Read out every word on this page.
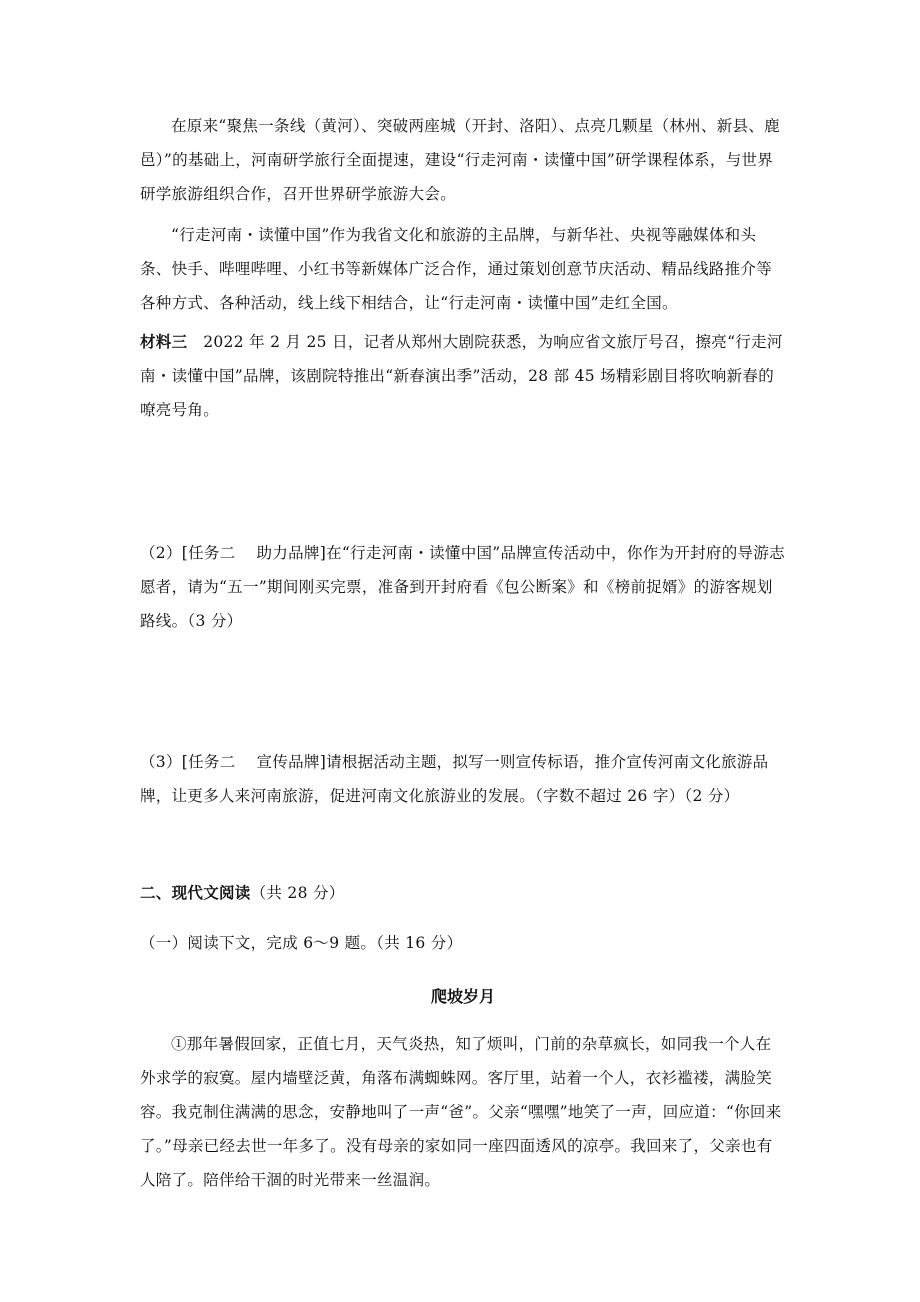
在原来“聚焦一条线（黄河）、突破两座城（开封、洛阳）、点亮几颗星（林州、新县、鹿邑）”的基础上，河南研学旅行全面提速，建设“行走河南・读懂中国”研学课程体系，与世界研学旅游组织合作，召开世界研学旅游大会。
“行走河南・读懂中国”作为我省文化和旅游的主品牌，与新华社、央视等融媒体和头条、快手、哔哩哔哩、小红书等新媒体广泛合作，通过策划创意节庆活动、精品线路推介等各种方式、各种活动，线上线下相结合，让“行走河南・读懂中国”走红全国。
材料三　2022 年 2 月 25 日，记者从郑州大剧院获悉，为响应省文旅厅号召，擦亮“行走河南・读懂中国”品牌，该剧院特推出“新春演出季”活动，28 部 45 场精彩剧目将吹响新春的嘹亮号角。
（2）[任务二　 助力品牌]在“行走河南・读懂中国”品牌宣传活动中，你作为开封府的导游志愿者，请为“五一”期间刚买完票，准备到开封府看《包公断案》和《榜前捉婿》的游客规划路线。（3 分）
（3）[任务二　 宣传品牌]请根据活动主题，拟写一则宣传标语，推介宣传河南文化旅游品牌，让更多人来河南旅游，促进河南文化旅游业的发展。（字数不超过 26 字）（2 分）
二、现代文阅读（共 28 分）
（一）阅读下文，完成 6～9 题。（共 16 分）
爬坡岁月
①那年暑假回家，正值七月，天气炎热，知了烦叫，门前的杂草疯长，如同我一个人在外求学的寂寞。屋内墙壁泛黄，角落布满蜘蛛网。客厅里，站着一个人，衣衫褴褛，满脸笑容。我克制住满满的思念，安静地叫了一声“爸”。父亲“嘿嘿”地笑了一声，回应道：“你回来了。”母亲已经去世一年多了。没有母亲的家如同一座四面透风的凉亭。我回来了，父亲也有人陪了。陪伴给干涸的时光带来一丝温润。
